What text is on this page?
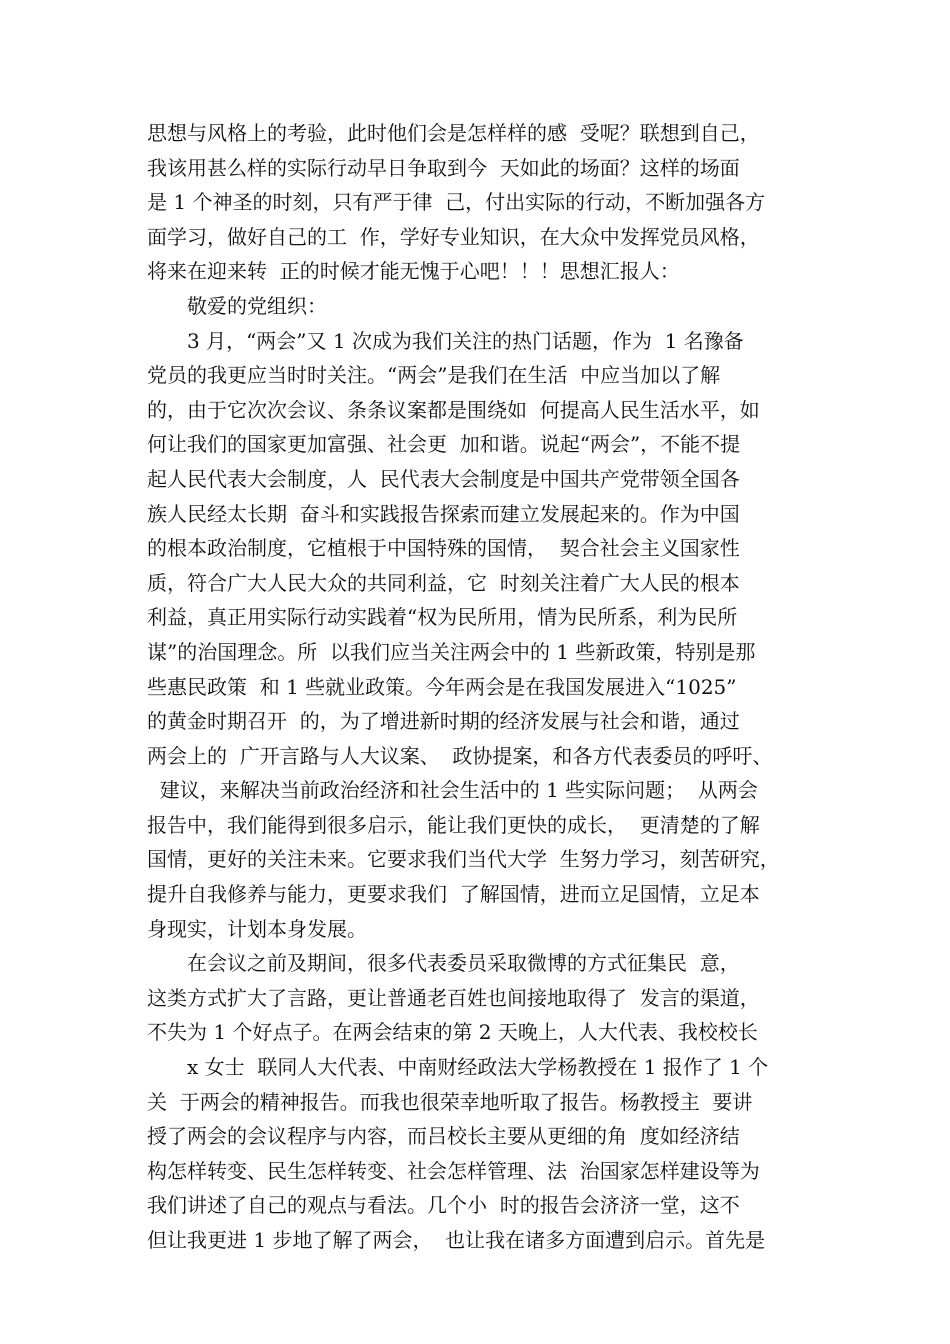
思想与风格上的考验，此时他们会是怎样样的感  受呢？联想到自己，
我该用甚么样的实际行动早日争取到今  天如此的场面？这样的场面
是 1 个神圣的时刻，只有严于律  己，付出实际的行动，不断加强各方
面学习，做好自己的工  作，学好专业知识，在大众中发挥党员风格，
将来在迎来转  正的时候才能无愧于心吧！！！思想汇报人：
敬爱的党组织：
3 月，“两会”又 1 次成为我们关注的热门话题，作为  1 名豫备
党员的我更应当时时关注。“两会”是我们在生活  中应当加以了解
的，由于它次次会议、条条议案都是围绕如  何提高人民生活水平，如
何让我们的国家更加富强、社会更  加和谐。说起“两会”，不能不提
起人民代表大会制度，人  民代表大会制度是中国共产党带领全国各
族人民经太长期  奋斗和实践报告探索而建立发展起来的。作为中国
的根本政治制度，它植根于中国特殊的国情，  契合社会主义国家性
质，符合广大人民大众的共同利益，它  时刻关注着广大人民的根本
利益，真正用实际行动实践着“权为民所用，情为民所系，利为民所
谋”的治国理念。所  以我们应当关注两会中的 1 些新政策，特别是那
些惠民政策  和 1 些就业政策。今年两会是在我国发展进入“1025”
的黄金时期召开  的，为了增进新时期的经济发展与社会和谐，通过
两会上的  广开言路与人大议案、  政协提案，和各方代表委员的呼吁、
建议，来解决当前政治经济和社会生活中的 1 些实际问题；  从两会
报告中，我们能得到很多启示，能让我们更快的成长，  更清楚的了解
国情，更好的关注未来。它要求我们当代大学  生努力学习，刻苦研究，
提升自我修养与能力，更要求我们  了解国情，进而立足国情，立足本
身现实，计划本身发展。
在会议之前及期间，很多代表委员采取微博的方式征集民  意，
这类方式扩大了言路，更让普通老百姓也间接地取得了  发言的渠道，
不失为 1 个好点子。在两会结束的第 2 天晚上，人大代表、我校校长
x 女士  联同人大代表、中南财经政法大学杨教授在 1 报作了 1 个
关  于两会的精神报告。而我也很荣幸地听取了报告。杨教授主  要讲
授了两会的会议程序与内容，而吕校长主要从更细的角  度如经济结
构怎样转变、民生怎样转变、社会怎样管理、法  治国家怎样建设等为
我们讲述了自己的观点与看法。几个小  时的报告会济济一堂，这不
但让我更进 1 步地了解了两会，  也让我在诸多方面遭到启示。首先是
